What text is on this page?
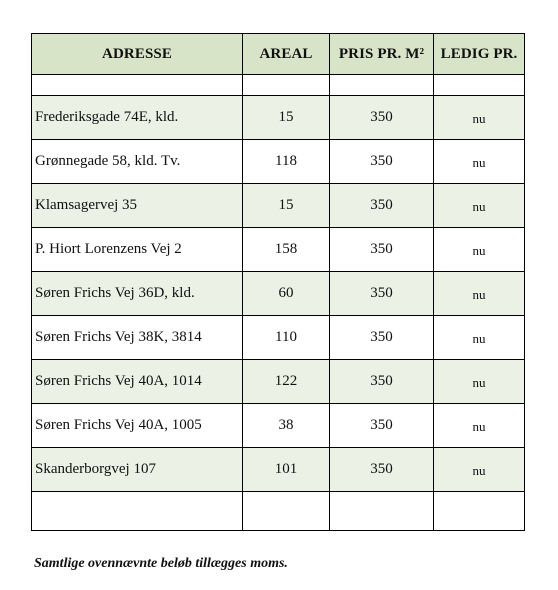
ADRESSE	AREAL	PRIS PR. M²	LEDIG PR.

Frederiksgade 74E, kld.	15	350	nu
Grønnegade 58, kld. Tv.	118	350	nu
Klamsagervej 35	15	350	nu
P. Hiort Lorenzens Vej 2	158	350	nu
Søren Frichs Vej 36D, kld.	60	350	nu
Søren Frichs Vej 38K, 3814	110	350	nu
Søren Frichs Vej 40A, 1014	122	350	nu
Søren Frichs Vej 40A, 1005	38	350	nu
Skanderborgvej 107	101	350	nu

Samtlige ovennævnte beløb tillægges moms.
